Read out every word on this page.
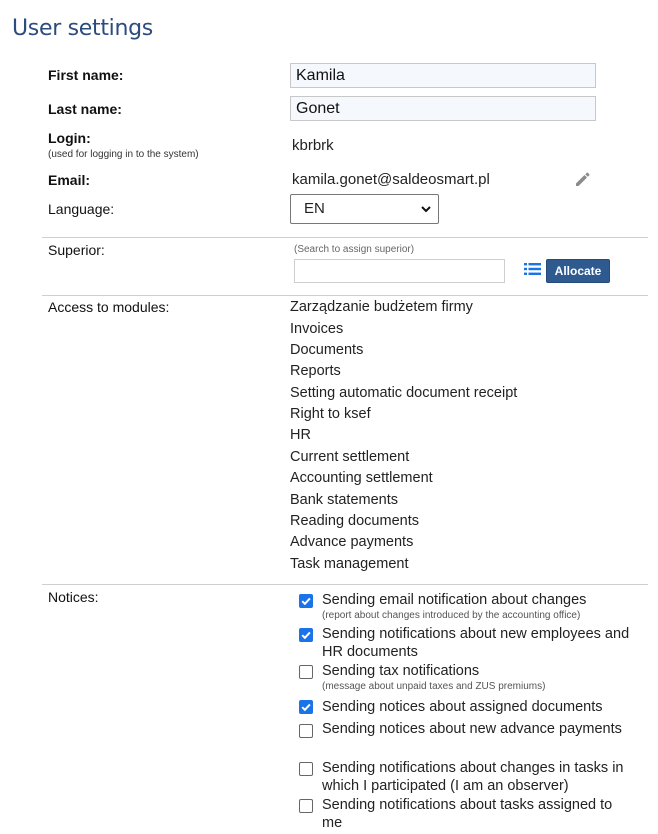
User settings
First name:
Kamila
Last name:
Gonet
Login:
(used for logging in to the system)
kbrbrk
Email:	kamila.gonet@saldeosmart.pl
Language:	EN
Superior:	(Search to assign superior)
Allocate
Access to modules:	Zarządzanie budżetem firmy
Invoices
Documents
Reports
Setting automatic document receipt
Right to ksef
HR
Current settlement
Accounting settlement
Bank statements
Reading documents
Advance payments
Task management
Notices:	Sending email notification about changes
(report about changes introduced by the accounting office)
Sending notifications about new employees and HR documents
Sending tax notifications
(message about unpaid taxes and ZUS premiums)
Sending notices about assigned documents
Sending notices about new advance payments
Sending notifications about changes in tasks in which I participated (I am an observer)
Sending notifications about tasks assigned to me
